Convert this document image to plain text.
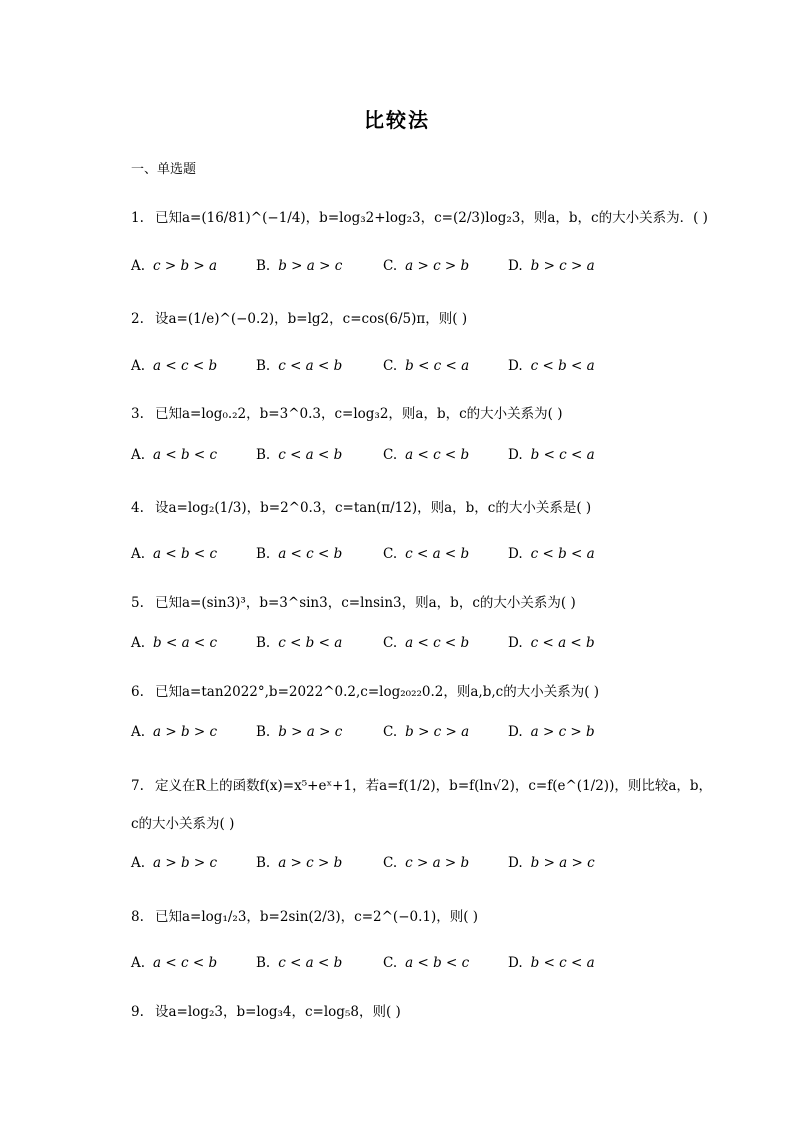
比较法
一、单选题
1. 已知a=(16/81)^(−1/4)，b=log₃2+log₂3，c=(2/3)log₂3，则a，b，c的大小关系为．( )
A. c > b > a	B. b > a > c	C. a > c > b	D. b > c > a
2. 设a=(1/e)^(−0.2)，b=lg2，c=cos(6/5)π，则( )
A. a < c < b	B. c < a < b	C. b < c < a	D. c < b < a
3. 已知a=log₀.₂2，b=3^0.3，c=log₃2，则a，b，c的大小关系为( )
A. a < b < c	B. c < a < b	C. a < c < b	D. b < c < a
4. 设a=log₂(1/3)，b=2^0.3，c=tan(π/12)，则a，b，c的大小关系是( )
A. a < b < c	B. a < c < b	C. c < a < b	D. c < b < a
5. 已知a=(sin3)³，b=3^sin3，c=lnsin3，则a，b，c的大小关系为( )
A. b < a < c	B. c < b < a	C. a < c < b	D. c < a < b
6. 已知a=tan2022°,b=2022^0.2,c=log₂₀₂₂0.2，则a,b,c的大小关系为( )
A. a > b > c	B. b > a > c	C. b > c > a	D. a > c > b
7. 定义在R上的函数f(x)=x⁵+eˣ+1，若a=f(1/2)，b=f(ln√2)，c=f(e^(1/2))，则比较a，b，
c的大小关系为( )
A. a > b > c	B. a > c > b	C. c > a > b	D. b > a > c
8. 已知a=log₁/₂3，b=2sin(2/3)，c=2^(−0.1)，则( )
A. a < c < b	B. c < a < b	C. a < b < c	D. b < c < a
9. 设a=log₂3，b=log₃4，c=log₅8，则( )
